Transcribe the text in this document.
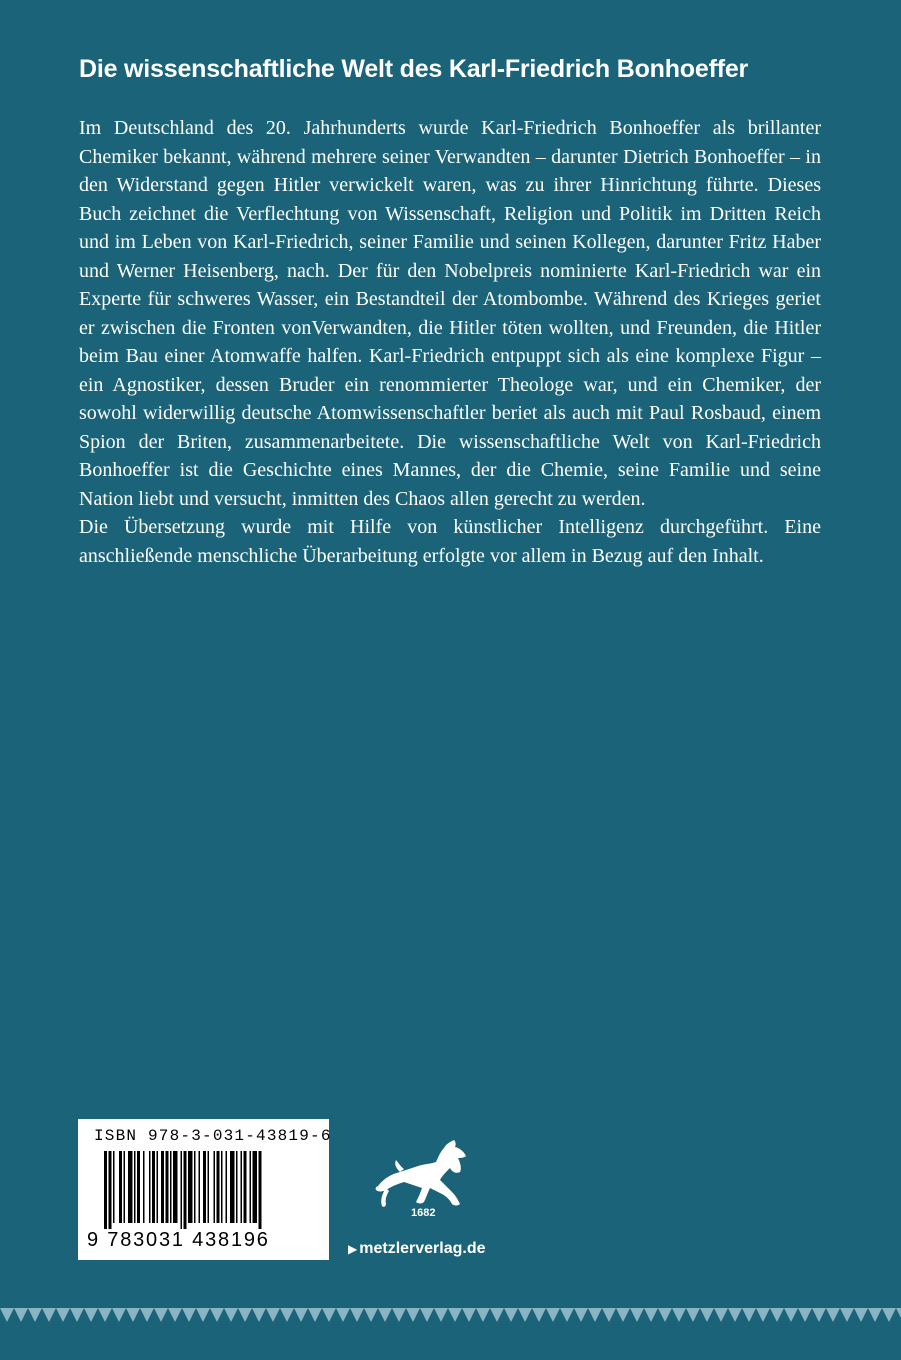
Die wissenschaftliche Welt des Karl-Friedrich Bonhoeffer

Im Deutschland des 20. Jahrhunderts wurde Karl-Friedrich Bonhoeffer als brillanter Chemiker bekannt, während mehrere seiner Verwandten – darunter Dietrich Bonhoeffer – in den Widerstand gegen Hitler verwickelt waren, was zu ihrer Hinrichtung führte. Dieses Buch zeichnet die Verflechtung von Wissenschaft, Religion und Politik im Dritten Reich und im Leben von Karl-Friedrich, seiner Familie und seinen Kollegen, darunter Fritz Haber und Werner Heisenberg, nach. Der für den Nobelpreis nominierte Karl-Friedrich war ein Experte für schweres Wasser, ein Bestandteil der Atombombe. Während des Krieges geriet er zwischen die Fronten vonVerwandten, die Hitler töten wollten, und Freunden, die Hitler beim Bau einer Atomwaffe halfen. Karl-Friedrich entpuppt sich als eine komplexe Figur – ein Agnostiker, dessen Bruder ein renommierter Theologe war, und ein Chemiker, der sowohl widerwillig deutsche Atomwissenschaftler beriet als auch mit Paul Rosbaud, einem Spion der Briten, zusammenarbeitete. Die wissenschaftliche Welt von Karl-Friedrich Bonhoeffer ist die Geschichte eines Mannes, der die Chemie, seine Familie und seine Nation liebt und versucht, inmitten des Chaos allen gerecht zu werden.

Die Übersetzung wurde mit Hilfe von künstlicher Intelligenz durchgeführt. Eine anschließende menschliche Überarbeitung erfolgte vor allem in Bezug auf den Inhalt.

ISBN 978-3-031-43819-6
9 783031 438196
1682
▶ metzlerverlag.de
